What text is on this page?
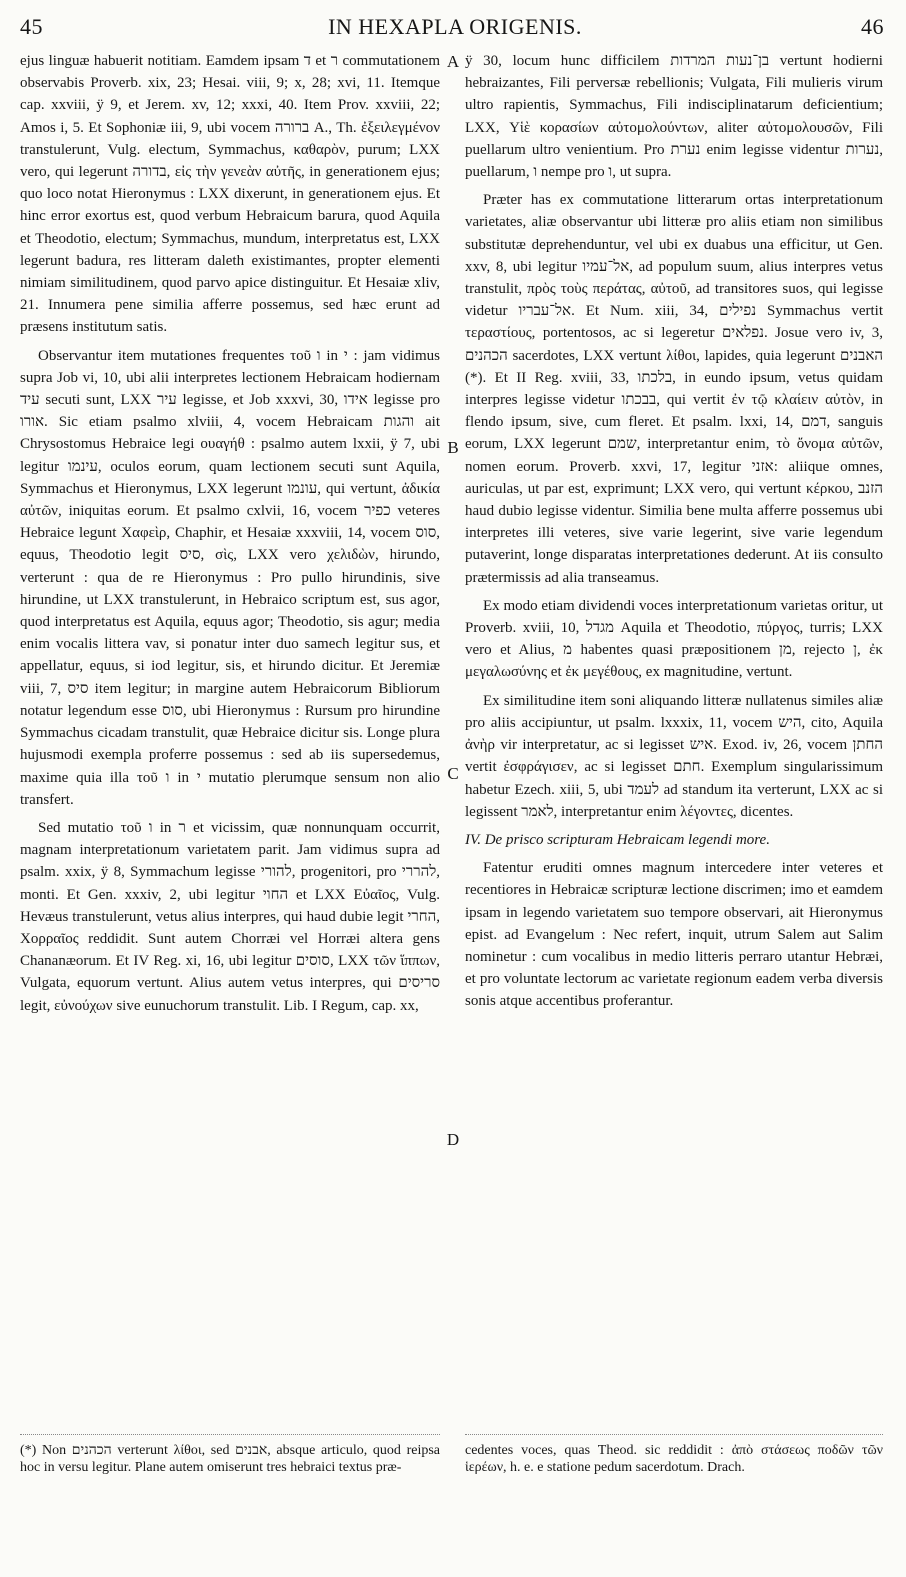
45	IN HEXAPLA ORIGENIS.	46

ejus linguæ habuerit notitiam. Eamdem ipsam ד et ר commutationem observabis Proverb. xix, 23; Hesai. viii, 9; x, 28; xvi, 11. Itemque cap. xxviii, ÿ 9, et Jerem. xv, 12; xxxi, 40. Item Prov. xxviii, 22; Amos i, 5. Et Sophoniæ iii, 9, ubi vocem ברורה A., Th. ἐξειλεγμένον transtulerunt, Vulg. electum, Symmachus, καθαρὸν, purum; LXX vero, qui legerunt בדורה, εἰς τὴν γενεὰν αὐτῆς, in generationem ejus; quo loco notat Hieronymus : LXX dixerunt, in generationem ejus. Et hinc error exortus est, quod verbum Hebraicum barura, quod Aquila et Theodotio, electum; Symmachus, mundum, interpretatus est, LXX legerunt badura, res litteram daleth existimantes, propter elementi nimiam similitudinem, quod parvo apice distinguitur. Et Hesaiæ xliv, 21. Innumera pene similia afferre possemus, sed hæc erunt ad præsens institutum satis.

Observantur item mutationes frequentes τοῦ ו in י : jam vidimus supra Job vi, 10, ubi alii interpretes lectionem Hebraicam hodiernam עיד secuti sunt, LXX עיר legisse, et Job xxxvi, 30, אידו legisse pro אורו. Sic etiam psalmo xlviii, 4, vocem Hebraicam והגות ait Chrysostomus Hebraice legi ουαγήθ : psalmo autem lxxii, ÿ 7, ubi legitur עינמו, oculos eorum, quam lectionem secuti sunt Aquila, Symmachus et Hieronymus, LXX legerunt עונמו, qui vertunt, ἀδικία αὐτῶν, iniquitas eorum. Et psalmo cxlvii, 16, vocem כפיר veteres Hebraice legunt Χαφεὶρ, Chaphir, et Hesaiæ xxxviii, 14, vocem סוס, equus, Theodotio legit סיס, σὶς, LXX vero χελιδὼν, hirundo, verterunt : qua de re Hieronymus : Pro pullo hirundinis, sive hirundine, ut LXX transtulerunt, in Hebraico scriptum est, sus agor, quod interpretatus est Aquila, equus agor; Theodotio, sis agur; media enim vocalis littera vav, si ponatur inter duo samech legitur sus, et appellatur, equus, si iod legitur, sis, et hirundo dicitur. Et Jeremiæ viii, 7, סיס item legitur; in margine autem Hebraicorum Bibliorum notatur legendum esse סוס, ubi Hieronymus : Rursum pro hirundine Symmachus cicadam transtulit, quæ Hebraice dicitur sis. Longe plura hujusmodi exempla proferre possemus : sed ab iis supersedemus, maxime quia illa τοῦ ו in י mutatio plerumque sensum non alio transfert.

Sed mutatio τοῦ ו in ר et vicissim, quæ nonnunquam occurrit, magnam interpretationum varietatem parit. Jam vidimus supra ad psalm. xxix, ÿ 8, Symmachum legisse להורי, progenitori, pro להררי, monti. Et Gen. xxxiv, 2, ubi legitur החוי et LXX Εὐαῖος, Vulg. Hevæus transtulerunt, vetus alius interpres, qui haud dubie legit החרי, Χορραῖος reddidit. Sunt autem Chorræi vel Horræi altera gens Chananæorum. Et IV Reg. xi, 16, ubi legitur סוסים, LXX τῶν ἵππων, Vulgata, equorum vertunt. Alius autem vetus interpres, qui סריסים legit, εὐνούχων sive eunuchorum transtulit. Lib. I Regum, cap. xx,

A
B
C
D

ÿ 30, locum hunc difficilem בן־נעות המרדות vertunt hodierni hebraizantes, Fili perversæ rebellionis; Vulgata, Fili mulieris virum ultro rapientis, Symmachus, Fili indisciplinatarum deficientium; LXX, Υἱὲ κορασίων αὐτομολούντων, aliter αὐτομολουσῶν, Fili puellarum ultro venientium. Pro נערת enim legisse videntur נערות, puellarum, ו nempe pro ו, ut supra.

Præter has ex commutatione litterarum ortas interpretationum varietates, aliæ observantur ubi litteræ pro aliis etiam non similibus substitutæ deprehenduntur, vel ubi ex duabus una efficitur, ut Gen. xxv, 8, ubi legitur אל־עמיו, ad populum suum, alius interpres vetus transtulit, πρὸς τοὺς περάτας, αὐτοῦ, ad transitores suos, qui legisse videtur אל־עבריו. Et Num. xiii, 34, נפילים Symmachus vertit τεραστίους, portentosos, ac si legeretur נפלאים. Josue vero iv, 3, הכהנים sacerdotes, LXX vertunt λίθοι, lapides, quia legerunt האבנים (*). Et II Reg. xviii, 33, בלכתו, in eundo ipsum, vetus quidam interpres legisse videtur בבכתו, qui vertit ἐν τῷ κλαίειν αὐτὸν, in flendo ipsum, sive, cum fleret. Et psalm. lxxi, 14, דמם, sanguis eorum, LXX legerunt שמם, interpretantur enim, τὸ ὄνομα αὐτῶν, nomen eorum. Proverb. xxvi, 17, legitur אזני: aliique omnes, auriculas, ut par est, exprimunt; LXX vero, qui vertunt κέρκου, הזנב haud dubio legisse videntur. Similia bene multa afferre possemus ubi interpretes illi veteres, sive varie legerint, sive varie legendum putaverint, longe disparatas interpretationes dederunt. At iis consulto prætermissis ad alia transeamus.

Ex modo etiam dividendi voces interpretationum varietas oritur, ut Proverb. xviii, 10, מגדל Aquila et Theodotio, πύργος, turris; LXX vero et Alius, מ habentes quasi præpositionem מן, rejecto ן, ἐκ μεγαλωσύνης et ἐκ μεγέθους, ex magnitudine, vertunt.

Ex similitudine item soni aliquando litteræ nullatenus similes aliæ pro aliis accipiuntur, ut psalm. lxxxix, 11, vocem היש, cito, Aquila ἀνὴρ vir interpretatur, ac si legisset איש. Exod. iv, 26, vocem החתן vertit ἐσφράγισεν, ac si legisset חתם. Exemplum singularissimum habetur Ezech. xiii, 5, ubi לעמד ad standum ita verterunt, LXX ac si legissent לאמר, interpretantur enim λέγοντες, dicentes.

IV. De prisco scripturam Hebraicam legendi more.

Fatentur eruditi omnes magnum intercedere inter veteres et recentiores in Hebraicæ scripturæ lectione discrimen; imo et eamdem ipsam in legendo varietatem suo tempore observari, ait Hieronymus epist. ad Evangelum : Nec refert, inquit, utrum Salem aut Salim nominetur : cum vocalibus in medio litteris perraro utantur Hebræi, et pro voluntate lectorum ac varietate regionum eadem verba diversis sonis atque accentibus proferantur.

(*) Non הכהנים verterunt λίθοι, sed אבנים, absque articulo, quod reipsa hoc in versu legitur. Plane autem omiserunt tres hebraici textus præ-
cedentes voces, quas Theod. sic reddidit : ἀπὸ στάσεως ποδῶν τῶν ἱερέων, h. e. e statione pedum sacerdotum. Drach.
